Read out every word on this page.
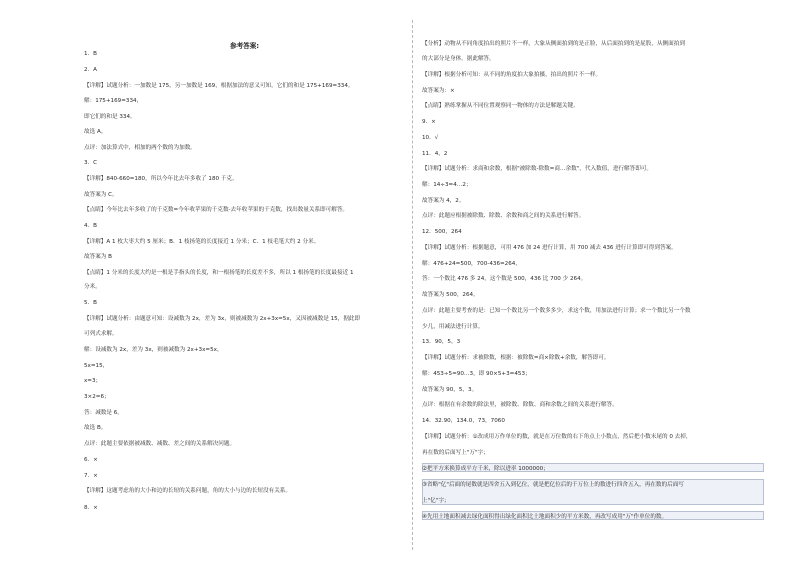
参考答案:
1．B
2．A
【详解】试题分析：一加数是 175，另一加数是 169，根据加法的意义可知，它们的和是 175+169=334。
解：175+169=334，
即它们的和是 334。
故选 A。
点评：加法算式中，相加的两个数的为加数。
3．C
【详解】840-660=180，所以今年比去年多收了 180 千克。
故答案为 C。
【点睛】今年比去年多收了的千克数=今年收苹果的千克数-去年收苹果的千克数，找出数量关系即可解答。
4．B
【详解】A 1 枚大枣大约 5 厘米；B．1 枝扬笔的长度接近 1 分米；C．1 枝毛笔大约 2 分米。
故答案为 B
【点睛】1 分米的长度大约是一根是手指头的长度，和一根扬笔的长度差不多，所以 1 根扬笔的长度最接近 1
分米。
5．B
【详解】试题分析：由题意可知：设减数为 2x，差为 3x，则被减数为 2x+3x=5x，又因被减数是 15，据此即
可列式求解。
解：设减数为 2x，差为 3x，则被减数为 2x+3x=5x，
5x=15，
x=3；
3×2=6；
答：减数是 6。
故选 B。
点评：此题主要依据被减数、减数、差之间的关系解决问题。
6．×
7．×
【详解】这题考虑角的大小和边的长短的关系问题，角的大小与边的长短没有关系。
8．×
【分析】动物从不同角度拍出的照片不一样，大象从侧面拍到的是正脸，从后面拍到的是屁股，从侧面拍到
的大部分是身体。据此解答。
【详解】根据分析可知：从不同的角度拍大象拍摄，拍出的照片不一样。
故答案为：×
【点睛】熟练掌握从不同位置观察同一物体的方法是解题关键。
9．×
10．√
11．4，2
【详解】试题分析：求商和余数，根据"被除数-除数=商…余数"，代入数值，进行解答即可。
解：14÷3=4…2；
故答案为 4，2。
点评：此题应根据被除数、除数、余数和商之间的关系进行解答。
12．500，264
【详解】试题分析：根据题意，可用 476 加 24 进行计算，用 700 减去 436 进行计算即可得到答案。
解：476+24=500，700-436=264，
答：一个数比 476 多 24，这个数是 500，436 比 700 少 264。
故答案为 500，264。
点评：此题主要考查的是：已知一个数比另一个数多多少，求这个数，用加法进行计算；求一个数比另一个数
少几，用减法进行计算。
13．90，5，3
【详解】试题分析：求被除数，根据：被除数=商×除数+余数，解答即可。
解：453÷5=90…3，即 90×5+3=453；
故答案为 90，5，3。
点评：根据在有余数的除法里，被除数、除数、商和余数之间的关系进行解答。
14．32.90，134.0，73，7060
【详解】试题分析：①改成用万作单位的数，就是在万位数的右下角点上小数点，然后把小数末尾的 0 去掉，
再在数的后面写上"万"字；
②把平方米换算成平方千米，除以进率 1000000；
③省略"亿"后面的尾数就是四舍五入到亿位，就是把亿位后的千万位上的数进行四舍五入，再在数的后面写
上"亿"字；
④先用土地面积减去绿化面积得出绿化面积比土地面积少的平方米数，再改写成用"万"作单位的数。
